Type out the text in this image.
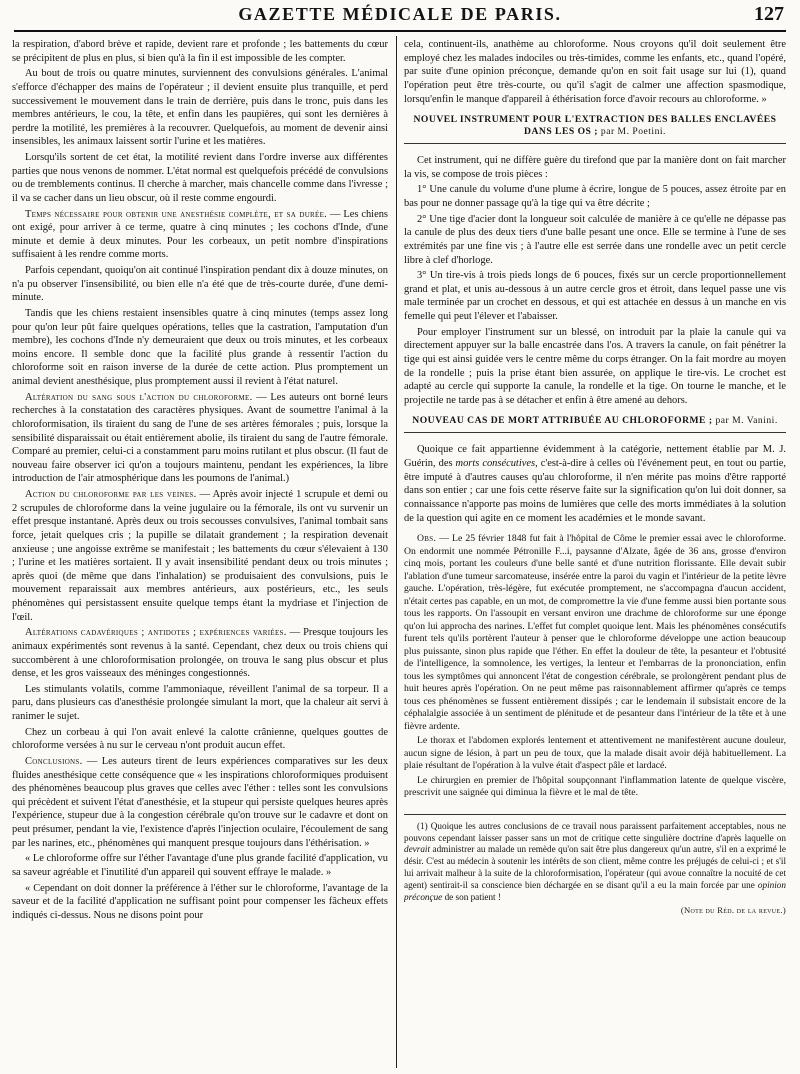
GAZETTE MÉDICALE DE PARIS.	127

la respiration, d'abord brève et rapide, devient rare et profonde ; les battements du cœur se précipitent de plus en plus, si bien qu'à la fin il est impossible de les compter.

Au bout de trois ou quatre minutes, surviennent des convulsions générales. L'animal s'efforce d'échapper des mains de l'opérateur ; il devient ensuite plus tranquille, et perd successivement le mouvement dans le train de derrière, puis dans le tronc, puis dans les membres antérieurs, le cou, la tête, et enfin dans les paupières, qui sont les dernières à perdre la motilité, les premières à la recouvrer. Quelquefois, au moment de devenir ainsi insensibles, les animaux laissent sortir l'urine et les matières.

Lorsqu'ils sortent de cet état, la motilité revient dans l'ordre inverse aux différentes parties que nous venons de nommer. L'état normal est quelquefois précédé de convulsions ou de tremblements continus. Il cherche à marcher, mais chancelle comme dans l'ivresse ; il va se cacher dans un lieu obscur, où il reste comme engourdi.

Temps nécessaire pour obtenir une anesthésie complète, et sa durée. — Les chiens ont exigé, pour arriver à ce terme, quatre à cinq minutes ; les cochons d'Inde, d'une minute et demie à deux minutes. Pour les corbeaux, un petit nombre d'inspirations suffisaient à les rendre comme morts.

Parfois cependant, quoiqu'on ait continué l'inspiration pendant dix à douze minutes, on n'a pu observer l'insensibilité, ou bien elle n'a été que de très-courte durée, d'une demi-minute.

Tandis que les chiens restaient insensibles quatre à cinq minutes (temps assez long pour qu'on leur pût faire quelques opérations, telles que la castration, l'amputation d'un membre), les cochons d'Inde n'y demeuraient que deux ou trois minutes, et les corbeaux moins encore. Il semble donc que la facilité plus grande à ressentir l'action du chloroforme soit en raison inverse de la durée de cette action. Plus promptement un animal devient anesthésique, plus promptement aussi il revient à l'état naturel.

Altération du sang sous l'action du chloroforme. — Les auteurs ont borné leurs recherches à la constatation des caractères physiques. Avant de soumettre l'animal à la chloroformisation, ils tiraient du sang de l'une de ses artères fémorales ; puis, lorsque la sensibilité disparaissait ou était entièrement abolie, ils tiraient du sang de l'autre fémorale. Comparé au premier, celui-ci a constamment paru moins rutilant et plus obscur. (Il faut de nouveau faire observer ici qu'on a toujours maintenu, pendant les expériences, la libre introduction de l'air atmosphérique dans les poumons de l'animal.)

Action du chloroforme par les veines. — Après avoir injecté 1 scrupule et demi ou 2 scrupules de chloroforme dans la veine jugulaire ou la fémorale, ils ont vu survenir un effet presque instantané. Après deux ou trois secousses convulsives, l'animal tombait sans force, jetait quelques cris ; la pupille se dilatait grandement ; la respiration devenait anxieuse ; une angoisse extrême se manifestait ; les battements du cœur s'élevaient à 130 ; l'urine et les matières sortaient. Il y avait insensibilité pendant deux ou trois minutes ; après quoi (de même que dans l'inhalation) se produisaient des convulsions, puis le mouvement reparaissait aux membres antérieurs, aux postérieurs, etc., les seuls phénomènes qui persistassent ensuite quelque temps étant la mydriase et l'injection de l'œil.

Altérations cadavériques ; antidotes ; expériences variées. — Presque toujours les animaux expérimentés sont revenus à la santé. Cependant, chez deux ou trois chiens qui succombèrent à une chloroformisation prolongée, on trouva le sang plus obscur et plus dense, et les gros vaisseaux des méninges congestionnés.

Les stimulants volatils, comme l'ammoniaque, réveillent l'animal de sa torpeur. Il a paru, dans plusieurs cas d'anesthésie prolongée simulant la mort, que la chaleur ait servi à ranimer le sujet.

Chez un corbeau à qui l'on avait enlevé la calotte crânienne, quelques gouttes de chloroforme versées à nu sur le cerveau n'ont produit aucun effet.

Conclusions. — Les auteurs tirent de leurs expériences comparatives sur les deux fluides anesthésique cette conséquence que « les inspirations chloroformiques produisent des phénomènes beaucoup plus graves que celles avec l'éther : telles sont les convulsions qui précèdent et suivent l'état d'anesthésie, et la stupeur qui persiste quelques heures après l'expérience, stupeur due à la congestion cérébrale qu'on trouve sur le cadavre et dont on peut présumer, pendant la vie, l'existence d'après l'injection oculaire, l'écoulement de sang par les narines, etc., phénomènes qui manquent presque toujours dans l'éthérisation. »

« Le chloroforme offre sur l'éther l'avantage d'une plus grande facilité d'application, vu sa saveur agréable et l'inutilité d'un appareil qui souvent effraye le malade. »

« Cependant on doit donner la préférence à l'éther sur le chloroforme, l'avantage de la saveur et de la facilité d'application ne suffisant point pour compenser les fâcheux effets indiqués ci-dessus. Nous ne disons point pour

cela, continuent-ils, anathème au chloroforme. Nous croyons qu'il doit seulement être employé chez les malades indociles ou très-timides, comme les enfants, etc., quand l'opéré, par suite d'une opinion préconçue, demande qu'on en soit fait usage sur lui (1), quand l'opération peut être très-courte, ou qu'il s'agit de calmer une affection spasmodique, lorsqu'enfin le manque d'appareil à éthérisation force d'avoir recours au chloroforme. »

NOUVEL INSTRUMENT POUR L'EXTRACTION DES BALLES ENCLAVÉES DANS LES OS ; par M. Poetini.

Cet instrument, qui ne diffère guère du tirefond que par la manière dont on fait marcher la vis, se compose de trois pièces :

1° Une canule du volume d'une plume à écrire, longue de 5 pouces, assez étroite par en bas pour ne donner passage qu'à la tige qui va être décrite ;

2° Une tige d'acier dont la longueur soit calculée de manière à ce qu'elle ne dépasse pas la canule de plus des deux tiers d'une balle pesant une once. Elle se termine à l'une de ses extrémités par une fine vis ; à l'autre elle est serrée dans une rondelle avec un petit cercle libre à clef d'horloge.

3° Un tire-vis à trois pieds longs de 6 pouces, fixés sur un cercle proportionnellement grand et plat, et unis au-dessous à un autre cercle gros et étroit, dans lequel passe une vis male terminée par un crochet en dessous, et qui est attachée en dessus à un manche en vis femelle qui peut l'élever et l'abaisser.

Pour employer l'instrument sur un blessé, on introduit par la plaie la canule qui va directement appuyer sur la balle encastrée dans l'os. A travers la canule, on fait pénétrer la tige qui est ainsi guidée vers le centre même du corps étranger. On la fait mordre au moyen de la rondelle ; puis la prise étant bien assurée, on applique le tire-vis. Le crochet est adapté au cercle qui supporte la canule, la rondelle et la tige. On tourne le manche, et le projectile ne tarde pas à se détacher et enfin à être amené au dehors.

NOUVEAU CAS DE MORT ATTRIBUÉE AU CHLOROFORME ; par M. Vanini.

Quoique ce fait appartienne évidemment à la catégorie, nettement établie par M. J. Guérin, des morts consécutives, c'est-à-dire à celles où l'événement peut, en tout ou partie, être imputé à d'autres causes qu'au chloroforme, il n'en mérite pas moins d'être rapporté dans son entier ; car une fois cette réserve faite sur la signification qu'on lui doit donner, sa connaissance n'apporte pas moins de lumières que celle des morts immédiates à la solution de la question qui agite en ce moment les académies et le monde savant.

Obs. — Le 25 février 1848 fut fait à l'hôpital de Côme le premier essai avec le chloroforme. On endormit une nommée Pétronille F...i, paysanne d'Alzate, âgée de 36 ans, grosse d'environ cinq mois, portant les couleurs d'une belle santé et d'une nutrition florissante. Elle devait subir l'ablation d'une tumeur sarcomateuse, insérée entre la paroi du vagin et l'intérieur de la petite lèvre gauche. L'opération, très-légère, fut exécutée promptement, ne s'accompagna d'aucun accident, n'était certes pas capable, en un mot, de compromettre la vie d'une femme aussi bien portante sous tous les rapports. On l'assoupit en versant environ une drachme de chloroforme sur une éponge qu'on lui approcha des narines. L'effet fut complet quoique lent. Mais les phénomènes consécutifs furent tels qu'ils portèrent l'auteur à penser que le chloroforme développe une action beaucoup plus puissante, sinon plus rapide que l'éther. En effet la douleur de tête, la pesanteur et l'obtusité de l'intelligence, la somnolence, les vertiges, la lenteur et l'embarras de la prononciation, enfin tous les symptômes qui annoncent l'état de congestion cérébrale, se prolongèrent pendant plus de huit heures après l'opération. On ne peut même pas raisonnablement affirmer qu'après ce temps tous ces phénomènes se fussent entièrement dissipés ; car le lendemain il subsistait encore de la céphalalgie associée à un sentiment de plénitude et de pesanteur dans l'intérieur de la tête et à une fièvre ardente.

Le thorax et l'abdomen explorés lentement et attentivement ne manifestèrent aucune douleur, aucun signe de lésion, à part un peu de toux, que la malade disait avoir déjà habituellement. La plaie résultant de l'opération à la vulve était d'aspect pâle et lardacé.

Le chirurgien en premier de l'hôpital soupçonnant l'inflammation latente de quelque viscère, prescrivit une saignée qui diminua la fièvre et le mal de tête.

(1) Quoique les autres conclusions de ce travail nous paraissent parfaitement acceptables, nous ne pouvons cependant laisser passer sans un mot de critique cette singulière doctrine d'après laquelle on devrait administrer au malade un remède qu'on sait être plus dangereux qu'un autre, s'il en a exprimé le désir. C'est au médecin à soutenir les intérêts de son client, même contre les préjugés de celui-ci ; et s'il lui arrivait malheur à la suite de la chloroformisation, l'opérateur (qui avoue connaître la nocuité de cet agent) sentirait-il sa conscience bien déchargée en se disant qu'il a eu la main forcée par une opinion préconçue de son patient !

(Note du Réd. de la revue.)
